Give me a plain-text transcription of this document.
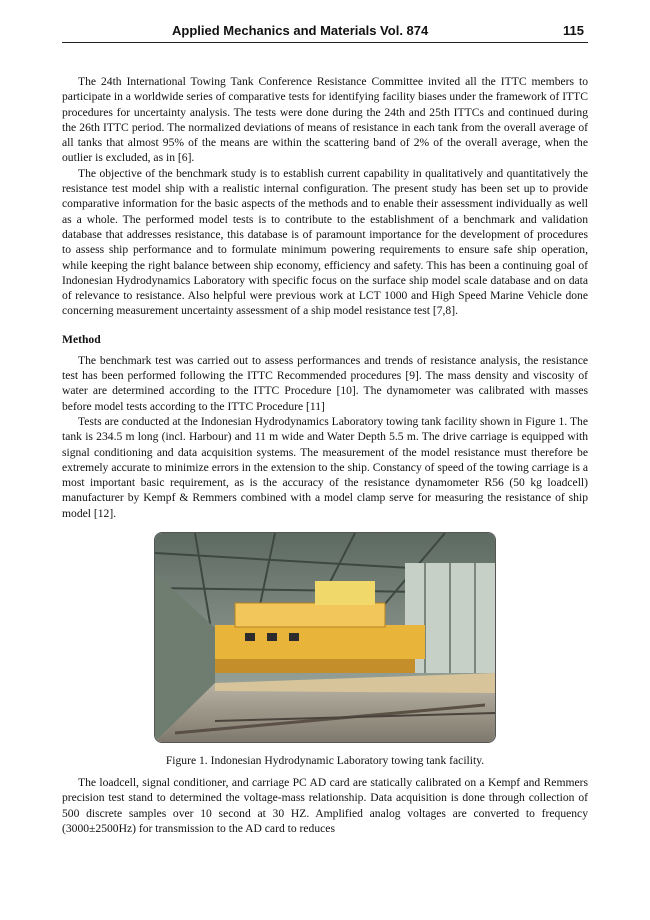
Applied Mechanics and Materials Vol. 874	115

The 24th International Towing Tank Conference Resistance Committee invited all the ITTC members to participate in a worldwide series of comparative tests for identifying facility biases under the framework of ITTC procedures for uncertainty analysis. The tests were done during the 24th and 25th ITTCs and continued during the 26th ITTC period. The normalized deviations of means of resistance in each tank from the overall average of all tanks that almost 95% of the means are within the scattering band of 2% of the overall average, when the outlier is excluded, as in [6].

The objective of the benchmark study is to establish current capability in qualitatively and quantitatively the resistance test model ship with a realistic internal configuration. The present study has been set up to provide comparative information for the basic aspects of the methods and to enable their assessment individually as well as a whole. The performed model tests is to contribute to the establishment of a benchmark and validation database that addresses resistance, this database is of paramount importance for the development of procedures to assess ship performance and to formulate minimum powering requirements to ensure safe ship operation, while keeping the right balance between ship economy, efficiency and safety. This has been a continuing goal of Indonesian Hydrodynamics Laboratory with specific focus on the surface ship model scale database and on data of relevance to resistance. Also helpful were previous work at LCT 1000 and High Speed Marine Vehicle done concerning measurement uncertainty assessment of a ship model resistance test [7,8].

Method

The benchmark test was carried out to assess performances and trends of resistance analysis, the resistance test has been performed following the ITTC Recommended procedures [9]. The mass density and viscosity of water are determined according to the ITTC Procedure [10]. The dynamometer was calibrated with masses before model tests according to the ITTC Procedure [11]

Tests are conducted at the Indonesian Hydrodynamics Laboratory towing tank facility shown in Figure 1. The tank is 234.5 m long (incl. Harbour) and 11 m wide and Water Depth 5.5 m. The drive carriage is equipped with signal conditioning and data acquisition systems. The measurement of the model resistance must therefore be extremely accurate to minimize errors in the extension to the ship. Constancy of speed of the towing carriage is a most important basic requirement, as is the accuracy of the resistance dynamometer R56 (50 kg loadcell) manufacturer by Kempf & Remmers combined with a model clamp serve for measuring the resistance of ship model [12].

Figure 1. Indonesian Hydrodynamic Laboratory towing tank facility.

The loadcell, signal conditioner, and carriage PC AD card are statically calibrated on a Kempf and Remmers precision test stand to determined the voltage-mass relationship. Data acquisition is done through collection of 500 discrete samples over 10 second at 30 HZ. Amplified analog voltages are converted to frequency (3000±2500Hz) for transmission to the AD card to reduces
